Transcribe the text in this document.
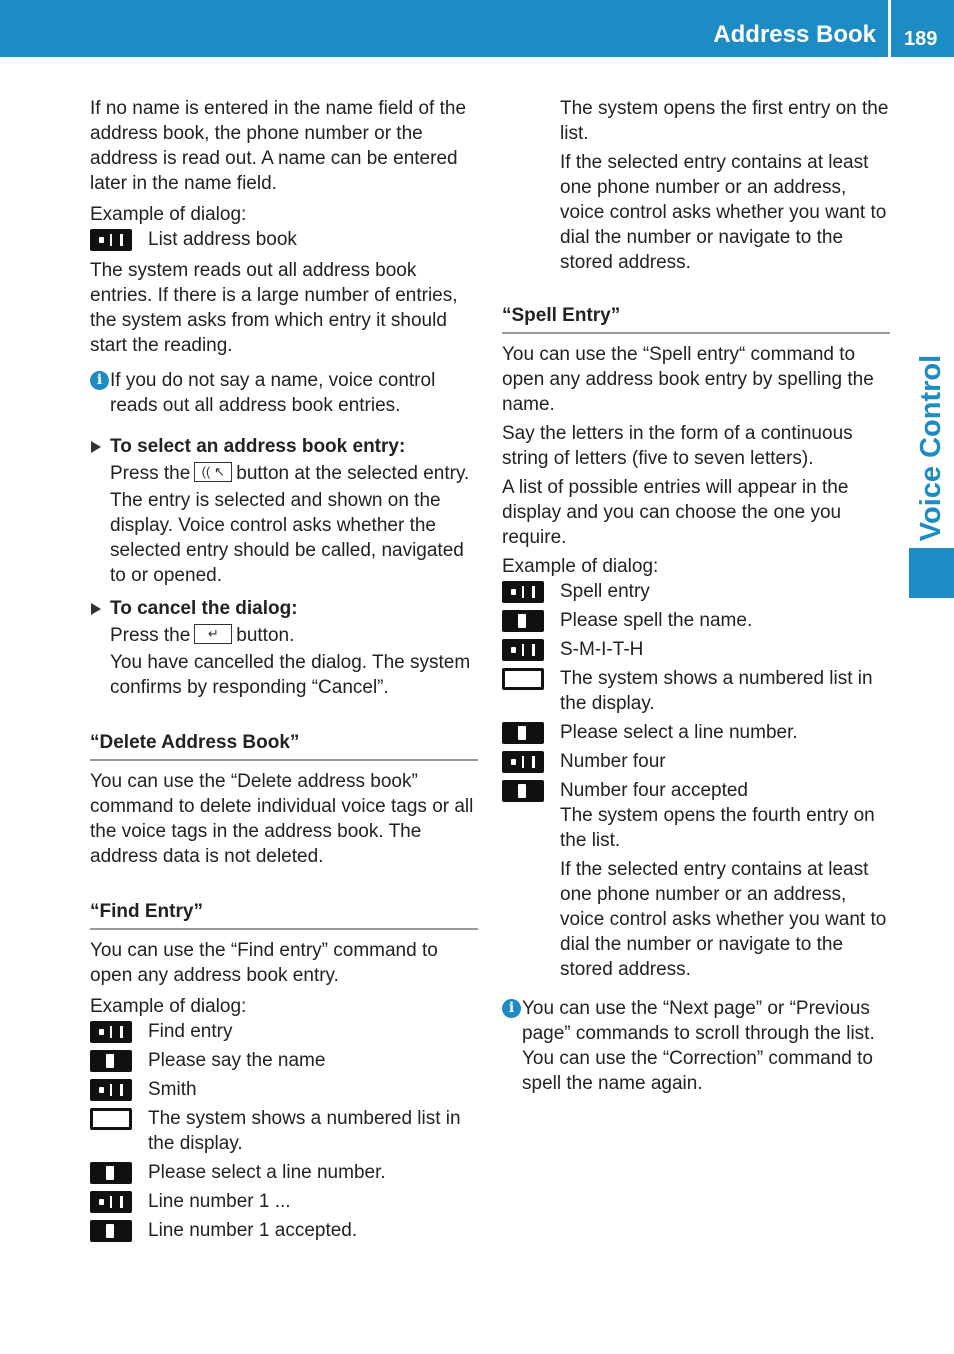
Address Book 189
Voice Control

If no name is entered in the name field of the address book, the phone number or the address is read out. A name can be entered later in the name field.

Example of dialog:

List address book

The system reads out all address book entries. If there is a large number of entries, the system asks from which entry it should start the reading.

i If you do not say a name, voice control reads out all address book entries.

To select an address book entry:

Press the (( ↖ button at the selected entry.

The entry is selected and shown on the display. Voice control asks whether the selected entry should be called, navigated to or opened.

To cancel the dialog:

Press the ↵ button.

You have cancelled the dialog. The system confirms by responding “Cancel”.

“Delete Address Book”

You can use the “Delete address book” command to delete individual voice tags or all the voice tags in the address book. The address data is not deleted.

“Find Entry”

You can use the “Find entry” command to open any address book entry.

Example of dialog:

Find entry
Please say the name
Smith
The system shows a numbered list in the display.
Please select a line number.
Line number 1 ...
Line number 1 accepted.

The system opens the first entry on the list.

If the selected entry contains at least one phone number or an address, voice control asks whether you want to dial the number or navigate to the stored address.

“Spell Entry”

You can use the “Spell entry“ command to open any address book entry by spelling the name.

Say the letters in the form of a continuous string of letters (five to seven letters).

A list of possible entries will appear in the display and you can choose the one you require.

Example of dialog:

Spell entry
Please spell the name.
S-M-I-T-H
The system shows a numbered list in the display.
Please select a line number.
Number four
Number four accepted

The system opens the fourth entry on the list.

If the selected entry contains at least one phone number or an address, voice control asks whether you want to dial the number or navigate to the stored address.

i You can use the “Next page” or “Previous page” commands to scroll through the list. You can use the “Correction” command to spell the name again.
